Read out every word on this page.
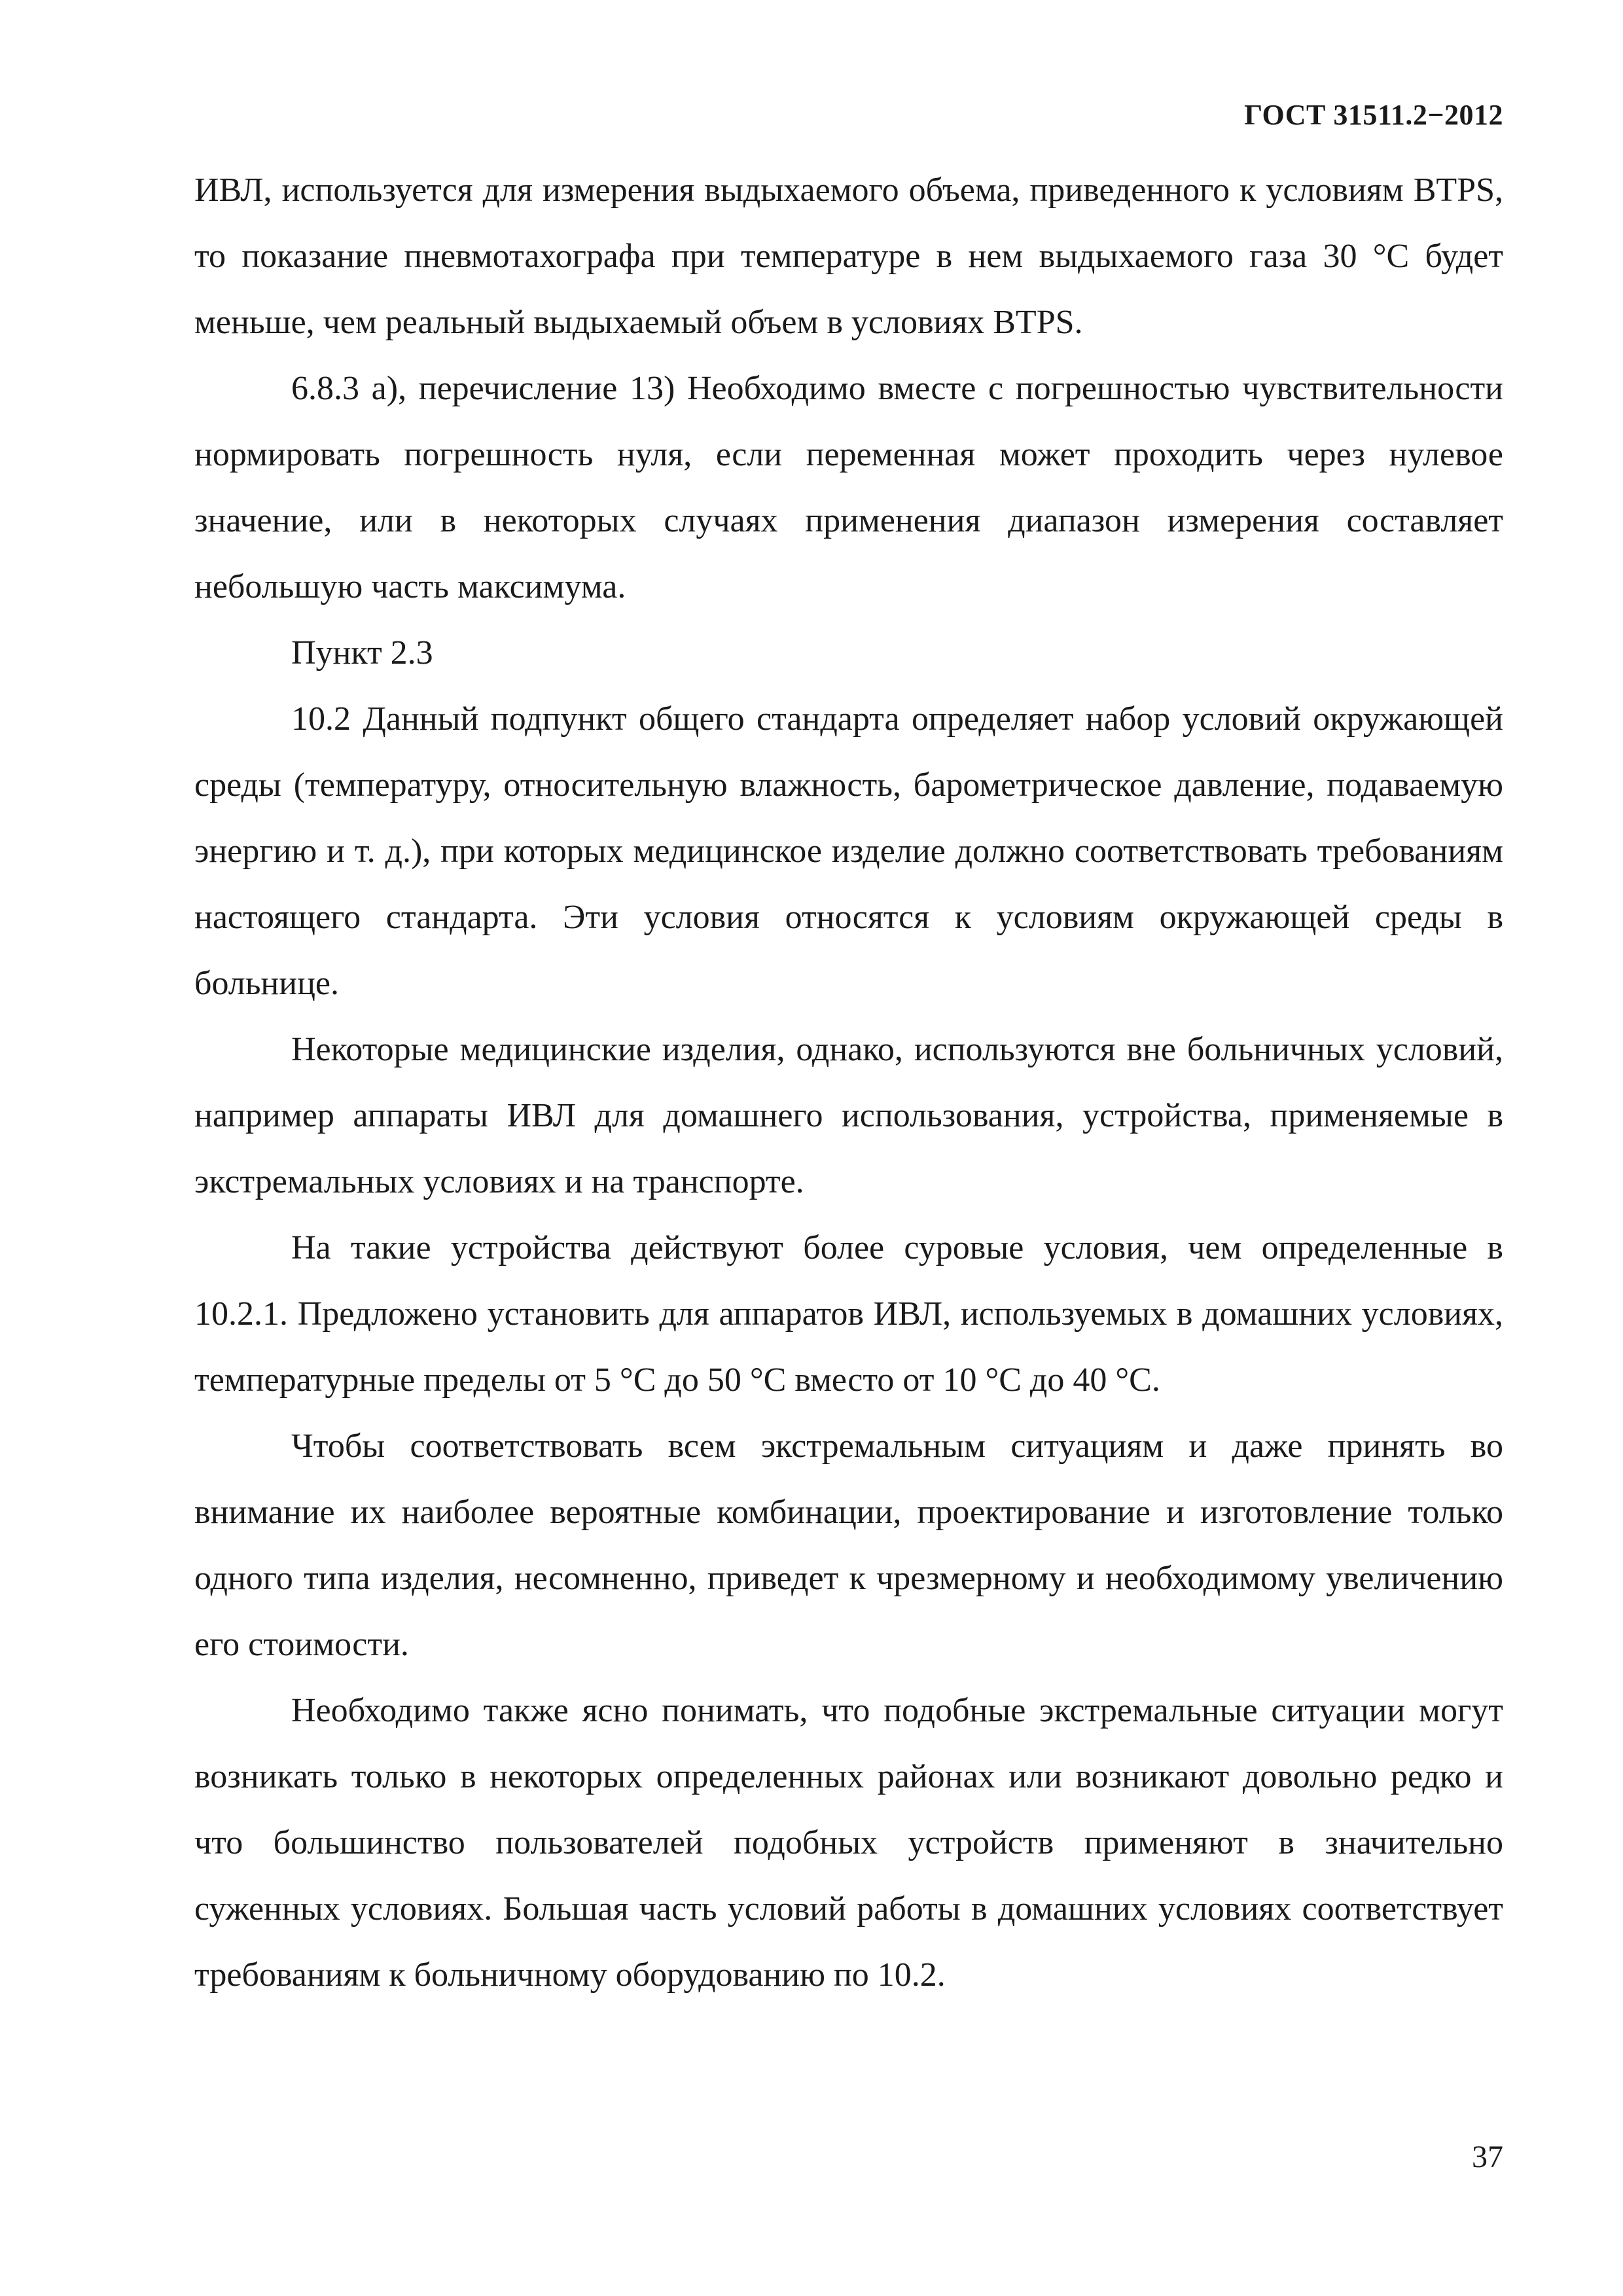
ГОСТ 31511.2−2012

ИВЛ, используется для измерения выдыхаемого объема, приведенного к условиям BTPS, то показание пневмотахографа при температуре в нем выдыхаемого газа 30 °С будет меньше, чем реальный выдыхаемый объем в условиях BTPS.

6.8.3 а), перечисление 13) Необходимо вместе с погрешностью чувствительности нормировать погрешность нуля, если переменная может проходить через нулевое значение, или в некоторых случаях применения диапазон измерения составляет небольшую часть максимума.

Пункт 2.3

10.2 Данный подпункт общего стандарта определяет набор условий окружающей среды (температуру, относительную влажность, барометрическое давление, подаваемую энергию и т. д.), при которых медицинское изделие должно соответствовать требованиям настоящего стандарта. Эти условия относятся к условиям окружающей среды в больнице.

Некоторые медицинские изделия, однако, используются вне больничных условий, например аппараты ИВЛ для домашнего использования, устройства, применяемые в экстремальных условиях и на транспорте.

На такие устройства действуют более суровые условия, чем определенные в 10.2.1. Предложено установить для аппаратов ИВЛ, используемых в домашних условиях, температурные пределы от 5 °С до 50 °С вместо от 10 °С до 40 °С.

Чтобы соответствовать всем экстремальным ситуациям и даже принять во внимание их наиболее вероятные комбинации, проектирование и изготовление только одного типа изделия, несомненно, приведет к чрезмерному и необходимому увеличению его стоимости.

Необходимо также ясно понимать, что подобные экстремальные ситуации могут возникать только в некоторых определенных районах или возникают довольно редко и что большинство пользователей подобных устройств применяют в значительно суженных условиях. Большая часть условий работы в домашних условиях соответствует требованиям к больничному оборудованию по 10.2.

37
